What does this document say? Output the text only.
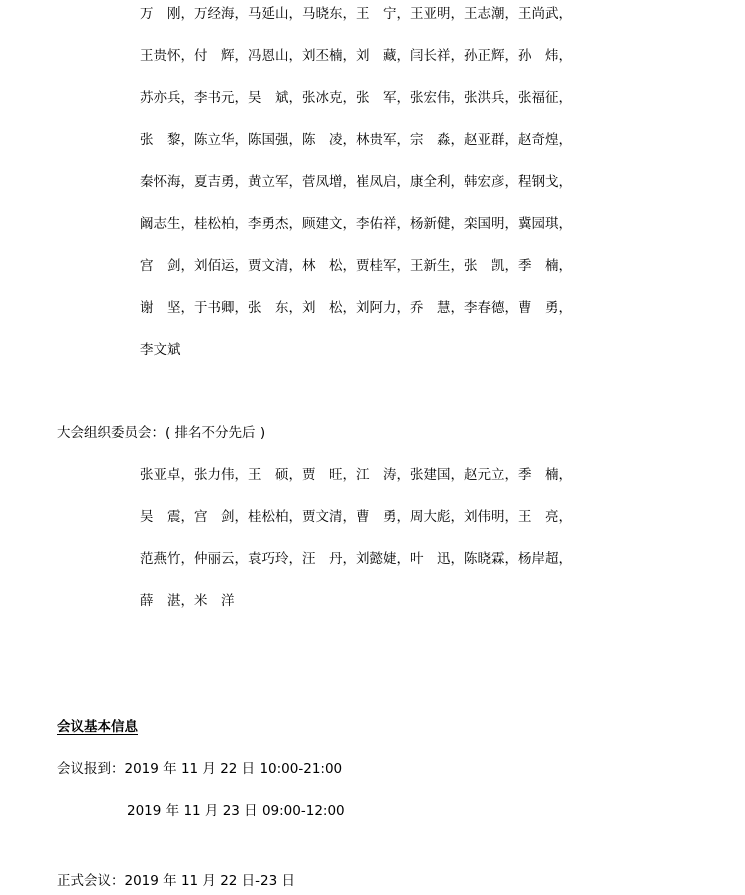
万　刚，万经海，马延山，马晓东，王　宁，王亚明，王志潮，王尚武，
王贵怀，付　辉，冯恩山，刘丕楠，刘　藏，闫长祥，孙正辉，孙　炜，
苏亦兵，李书元，吴　斌，张冰克，张　军，张宏伟，张洪兵，张福征，
张　黎，陈立华，陈国强，陈　凌，林贵军，宗　淼，赵亚群，赵奇煌，
秦怀海，夏吉勇，黄立军，菅凤增，崔凤启，康全利，韩宏彦，程钢戈，
阚志生，桂松柏，李勇杰，顾建文，李佑祥，杨新健，栾国明，冀园琪，
宫　剑，刘佰运，贾文清，林　松，贾桂军，王新生，张　凯，季　楠，
谢　坚，于书卿，张　东，刘　松，刘阿力，乔　慧，李春德，曹　勇，
李文斌
大会组织委员会：( 排名不分先后 )
张亚卓，张力伟，王　硕，贾　旺，江　涛，张建国，赵元立，季　楠，
吴　震，宫　剑，桂松柏，贾文清，曹　勇，周大彪，刘伟明，王　亮，
范燕竹，仲丽云，袁巧玲，汪　丹，刘懿婕，叶　迅，陈晓霖，杨岸超，
薛　湛，米　洋
会议基本信息
会议报到：2019 年 11 月 22 日 10:00-21:00
2019 年 11 月 23 日 09:00-12:00
正式会议：2019 年 11 月 22 日-23 日
